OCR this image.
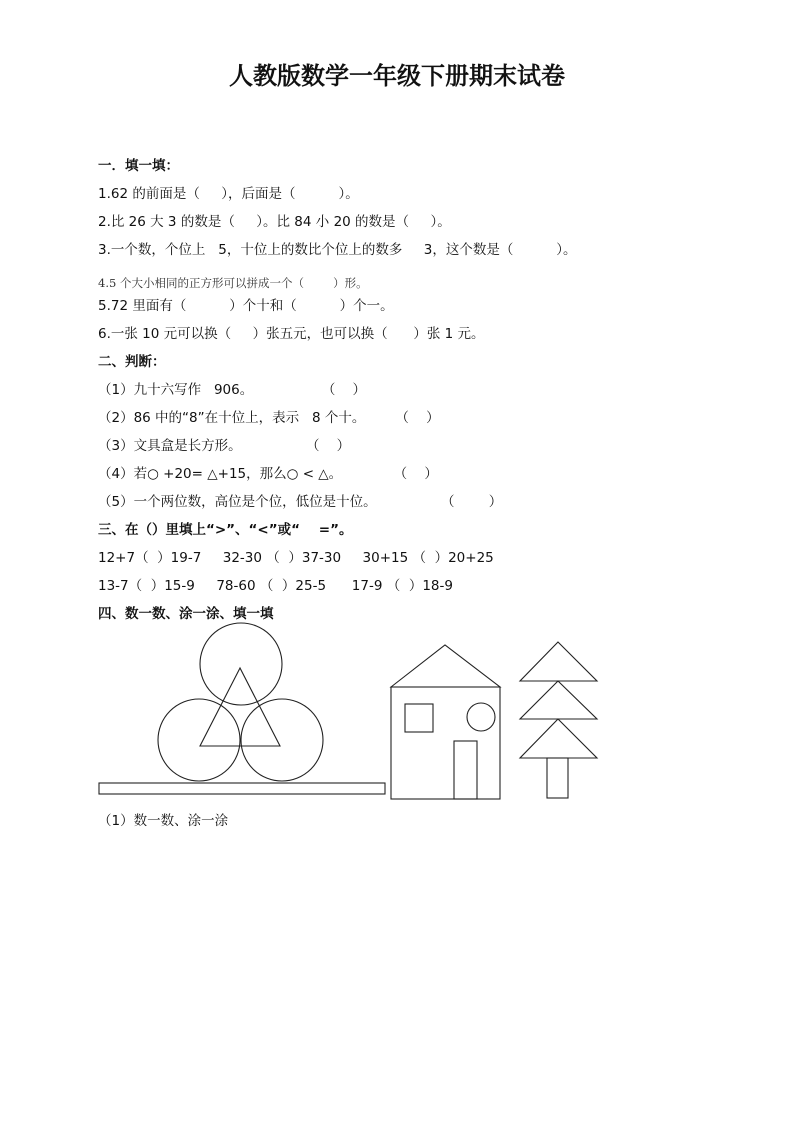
人教版数学一年级下册期末试卷
一．填一填：
1.62 的前面是（     ），后面是（          ）。
2.比 26 大 3 的数是（     ）。比 84 小 20 的数是（     ）。
3.一个数，个位上   5，十位上的数比个位上的数多     3，这个数是（          ）。
4.5 个大小相同的正方形可以拼成一个（        ）形。
5.72 里面有（          ）个十和（          ）个一。
6.一张 10 元可以换（     ）张五元，也可以换（      ）张 1 元。
二、判断：
（1）九十六写作   906。                （    ）
（2）86 中的“8”在十位上，表示   8 个十。       （    ）
（3）文具盒是长方形。               （    ）
（4）若○ +20= △+15，那么○ < △。            （    ）
（5）一个两位数，高位是个位，低位是十位。               （        ）
三、在（）里填上“>”、“<”或“    =”。
12+7（  ）19-7     32-30 （  ）37-30     30+15 （  ）20+25
13-7（  ）15-9     78-60 （  ）25-5      17-9 （  ）18-9
四、数一数、涂一涂、填一填
（1）数一数、涂一涂
